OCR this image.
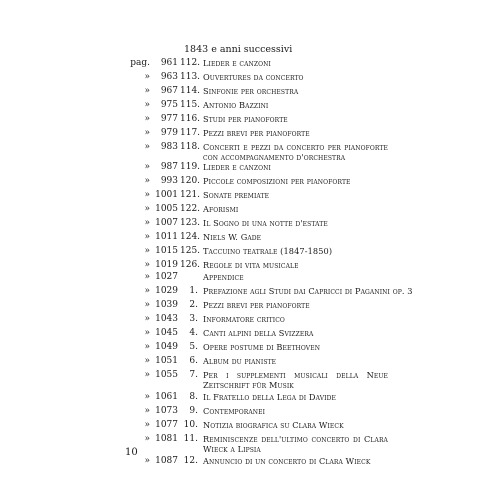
1843 e anni successivi
pag.	961 112. Lieder e canzoni
»	963 113. Ouvertures da concerto
»	967 114. Sinfonie per orchestra
»	975 115. Antonio Bazzini
»	977 116. Studi per pianoforte
»	979 117. Pezzi brevi per pianoforte
»	983 118. Concerti e pezzi da concerto per pianoforte con accompagnamento d'orchestra
»	987 119. Lieder e canzoni
»	993 120. Piccole composizioni per pianoforte
» 1001 121. Sonate premiate
» 1005 122. Aforismi
» 1007 123. Il Sogno di una notte d'estate
» 1011 124. Niels W. Gade
» 1015 125. Taccuino teatrale (1847-1850)
» 1019 126. Regole di vita musicale
» 1027	Appendice
» 1029	1. Prefazione agli Studi dai Capricci di Paganini op. 3
» 1039	2. Pezzi brevi per pianoforte
» 1043	3. Informatore critico
» 1045	4. Canti alpini della Svizzera
» 1049	5. Opere postume di Beethoven
» 1051	6. Album du pianiste
» 1055	7. Per i supplementi musicali della Neue Zeitschrift für Musik
» 1061	8. Il Fratello della Lega di Davide
» 1073	9. Contemporanei
» 1077 10. Notizia biografica su Clara Wieck
» 1081 11. Reminiscenze dell'ultimo concerto di Clara Wieck a Lipsia
» 1087 12. Annuncio di un concerto di Clara Wieck
10
